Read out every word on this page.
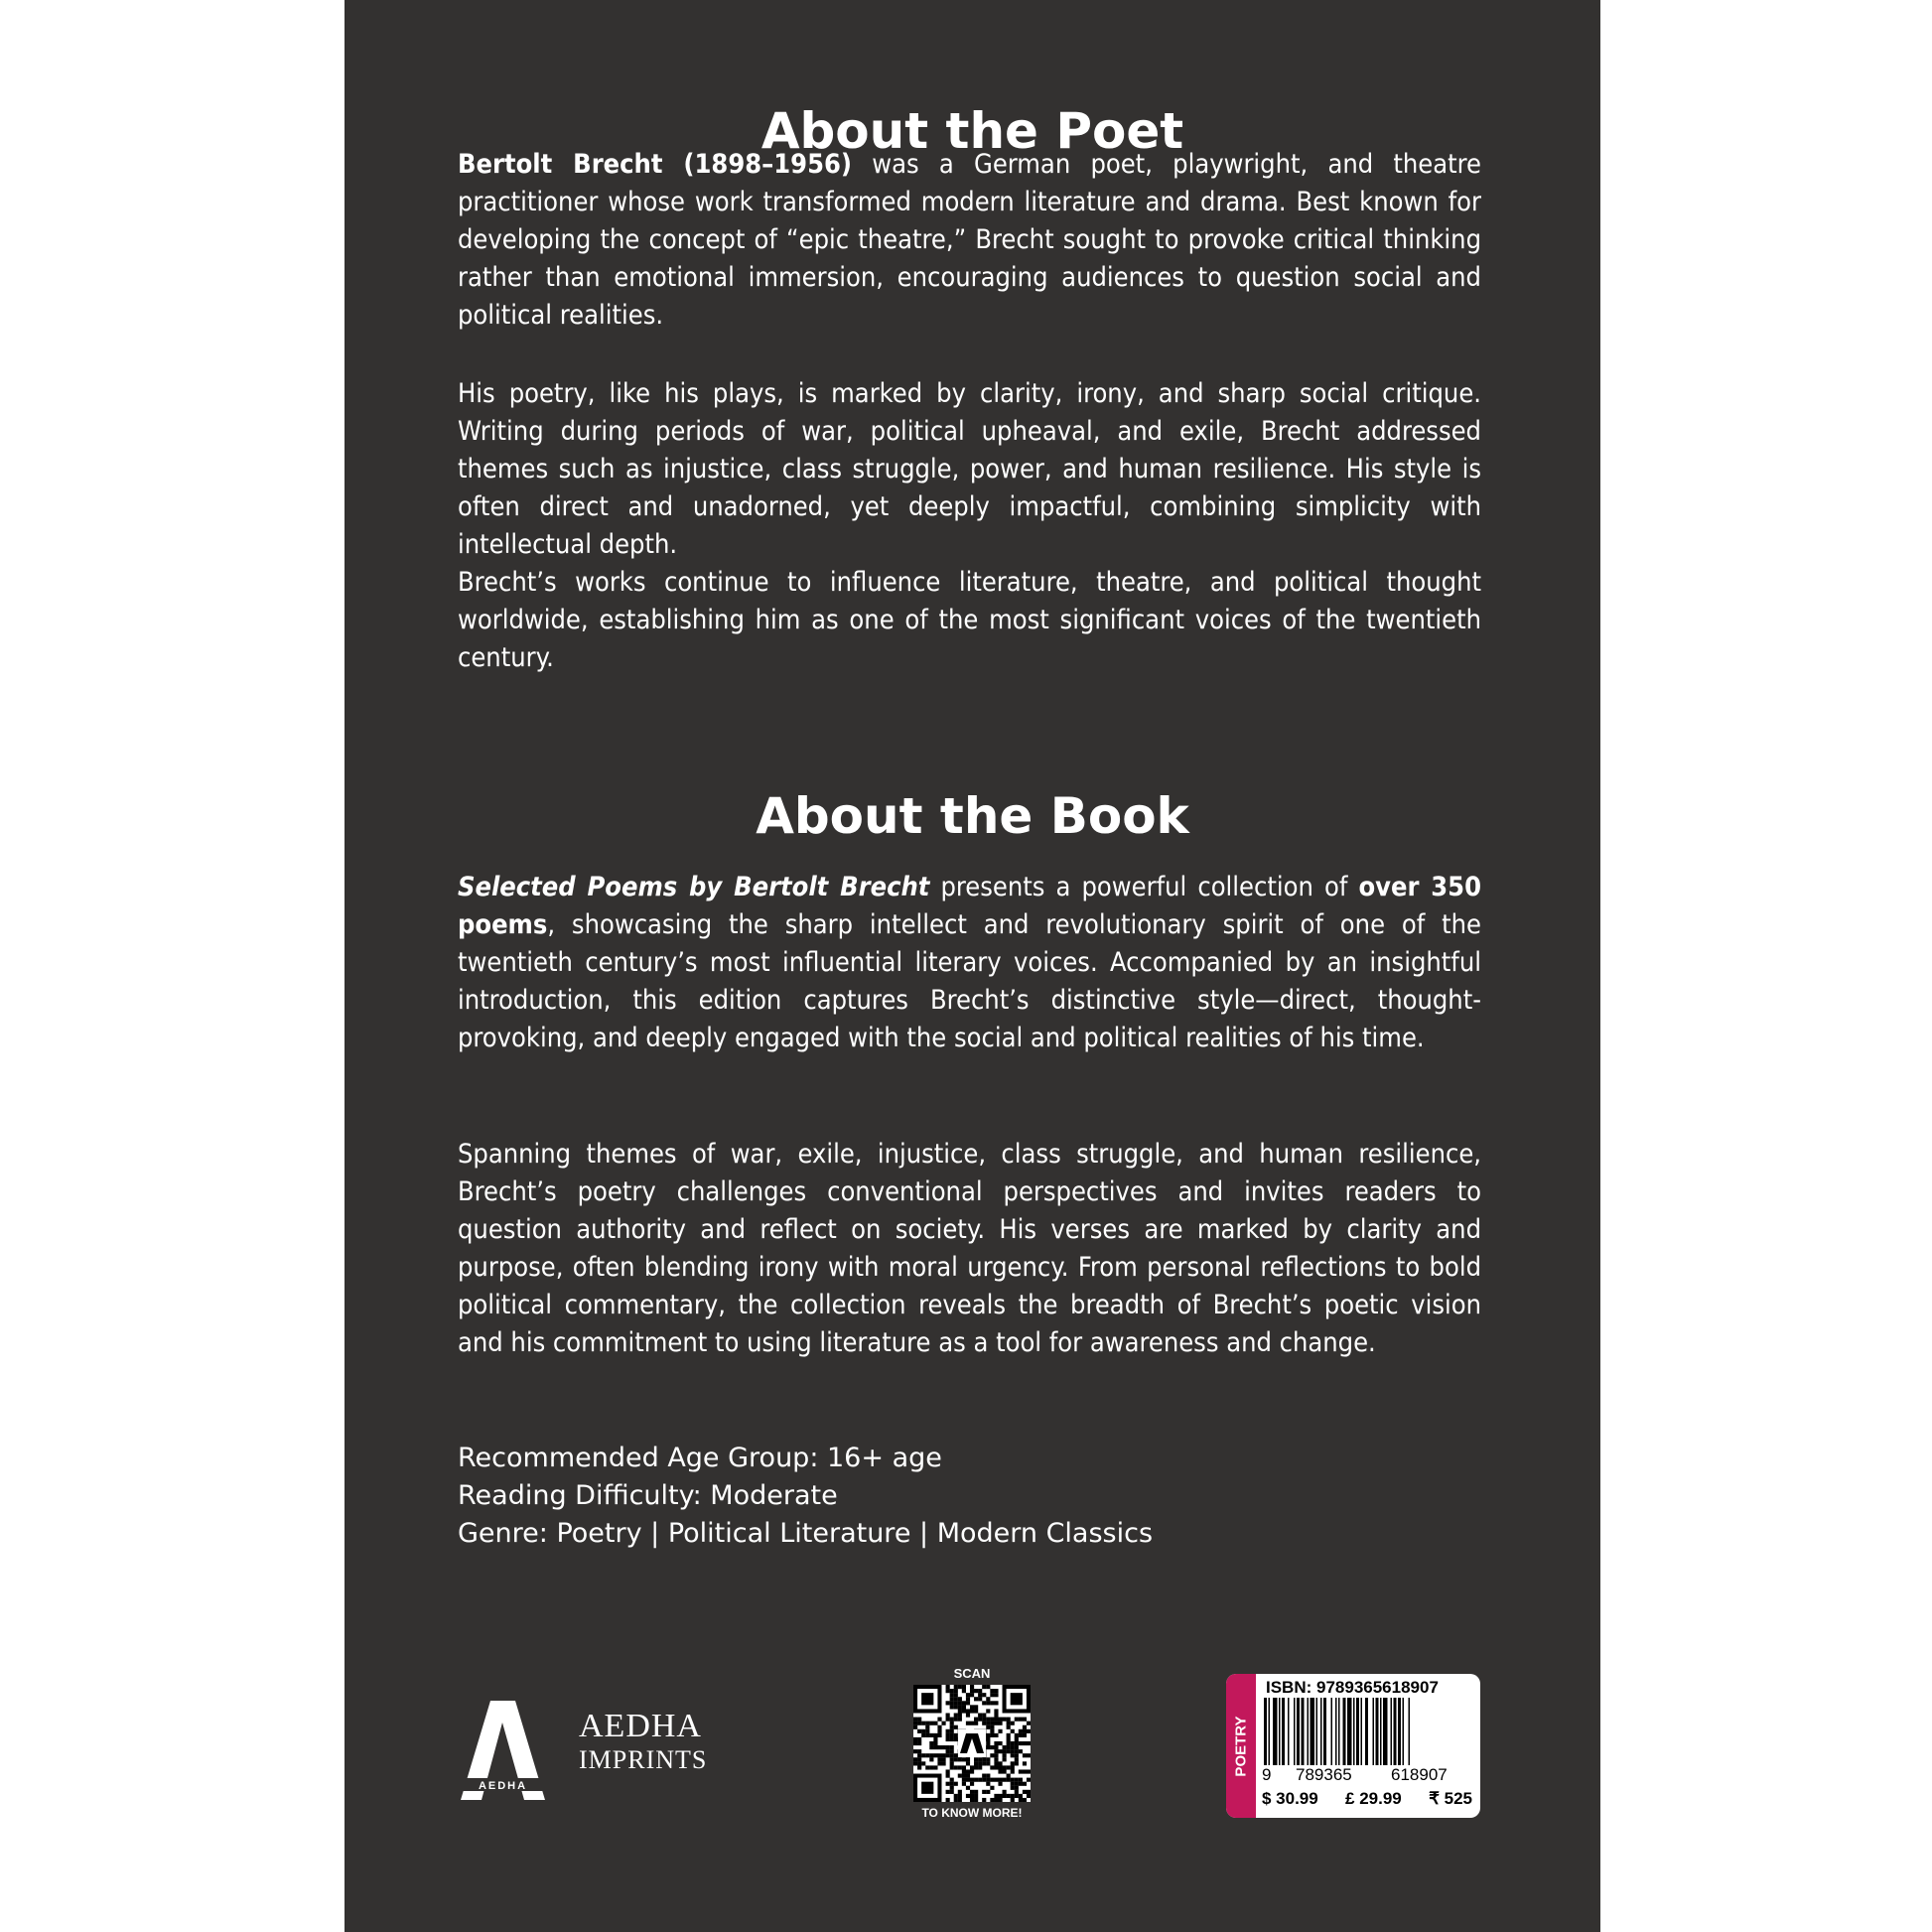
About the Poet

Bertolt Brecht (1898–1956) was a German poet, playwright, and theatre practitioner whose work transformed modern literature and drama. Best known for developing the concept of “epic theatre,” Brecht sought to provoke critical thinking rather than emotional immersion, encouraging audiences to question social and political realities.

His poetry, like his plays, is marked by clarity, irony, and sharp social critique. Writing during periods of war, political upheaval, and exile, Brecht addressed themes such as injustice, class struggle, power, and human resilience. His style is often direct and unadorned, yet deeply impactful, combining simplicity with intellectual depth.

Brecht’s works continue to influence literature, theatre, and political thought worldwide, establishing him as one of the most significant voices of the twentieth century.

About the Book

Selected Poems by Bertolt Brecht presents a powerful collection of over 350 poems, showcasing the sharp intellect and revolutionary spirit of one of the twentieth century’s most influential literary voices. Accompanied by an insightful introduction, this edition captures Brecht’s distinctive style—direct, thought-provoking, and deeply engaged with the social and political realities of his time.

Spanning themes of war, exile, injustice, class struggle, and human resilience, Brecht’s poetry challenges conventional perspectives and invites readers to question authority and reflect on society. His verses are marked by clarity and purpose, often blending irony with moral urgency. From personal reflections to bold political commentary, the collection reveals the breadth of Brecht’s poetic vision and his commitment to using literature as a tool for awareness and change.

Recommended Age Group: 16+ age
Reading Difficulty: Moderate
Genre: Poetry | Political Literature | Modern Classics
AEDHA
AEDHA
IMPRINTS
SCAN
A
TO KNOW MORE!
POETRY
ISBN: 9789365618907
9 789365 618907
$ 30.99 £ 29.99 ₹ 525
